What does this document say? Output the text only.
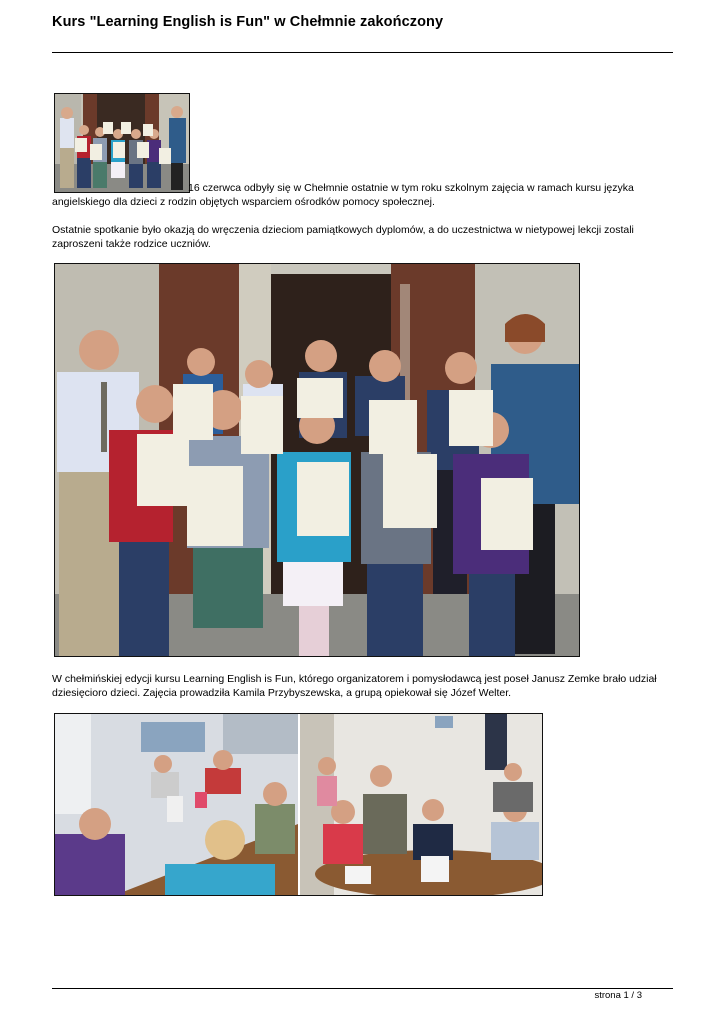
Kurs "Learning English is Fun" w Chełmnie zakończony

16 czerwca odbyły się w Chełmnie ostatnie w tym roku szkolnym zajęcia w ramach kursu języka angielskiego dla dzieci z rodzin objętych wsparciem ośrodków pomocy społecznej.

Ostatnie spotkanie było okazją do wręczenia dzieciom pamiątkowych dyplomów, a do uczestnictwa w nietypowej lekcji zostali zaproszeni także rodzice uczniów.

W chełmińskiej edycji kursu Learning English is Fun, którego organizatorem i pomysłodawcą jest poseł Janusz Zemke brało udział dziesięcioro dzieci. Zajęcia prowadziła Kamila Przybyszewska, a grupą opiekował się Józef Welter.

strona 1 / 3
